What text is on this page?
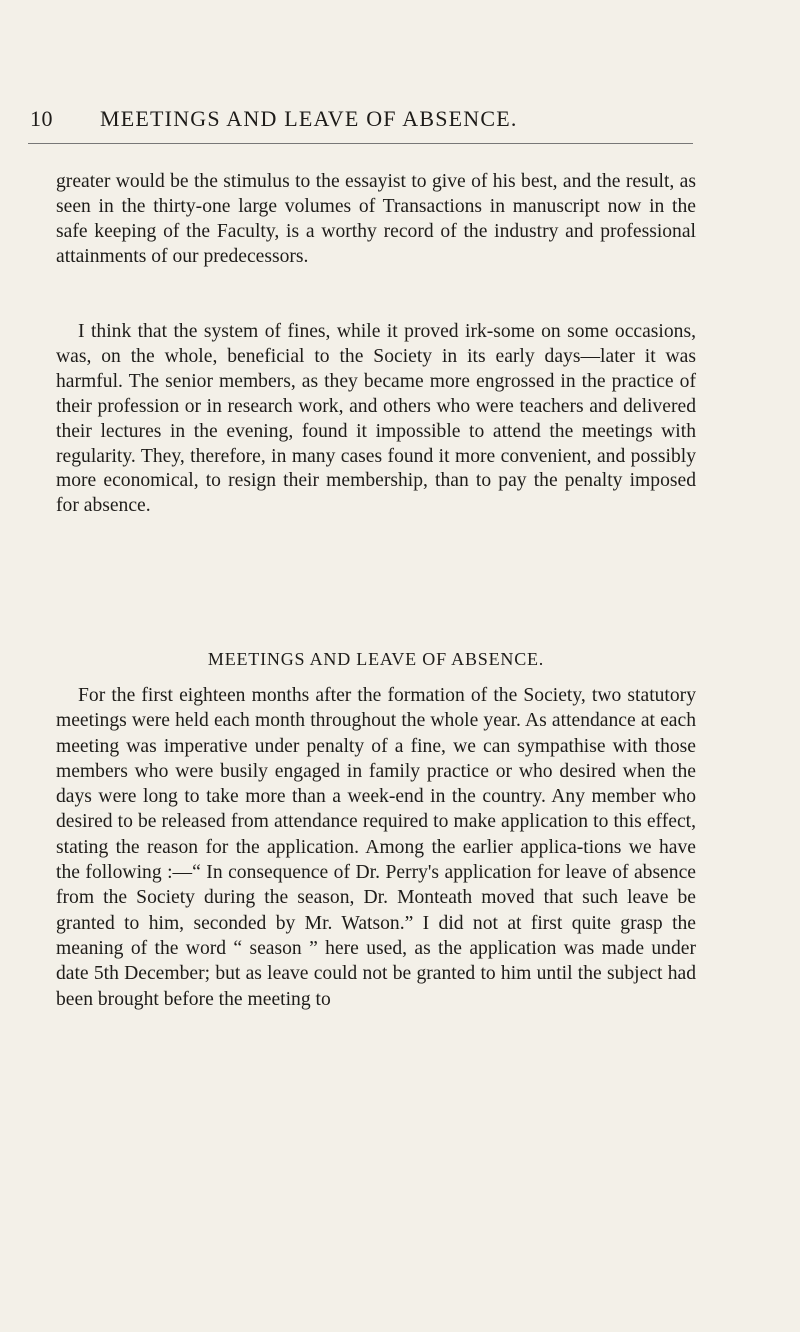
10 MEETINGS AND LEAVE OF ABSENCE.
greater would be the stimulus to the essayist to give of his best, and the result, as seen in the thirty-one large volumes of Transactions in manuscript now in the safe keeping of the Faculty, is a worthy record of the industry and professional attainments of our predecessors.
I think that the system of fines, while it proved irk-some on some occasions, was, on the whole, beneficial to the Society in its early days—later it was harmful. The senior members, as they became more engrossed in the practice of their profession or in research work, and others who were teachers and delivered their lectures in the evening, found it impossible to attend the meetings with regularity. They, therefore, in many cases found it more convenient, and possibly more economical, to resign their membership, than to pay the penalty imposed for absence.
MEETINGS AND LEAVE OF ABSENCE.
For the first eighteen months after the formation of the Society, two statutory meetings were held each month throughout the whole year. As attendance at each meeting was imperative under penalty of a fine, we can sympathise with those members who were busily engaged in family practice or who desired when the days were long to take more than a week-end in the country. Any member who desired to be released from attendance required to make application to this effect, stating the reason for the application. Among the earlier applica-tions we have the following :—“ In consequence of Dr. Perry's application for leave of absence from the Society during the season, Dr. Monteath moved that such leave be granted to him, seconded by Mr. Watson.” I did not at first quite grasp the meaning of the word “ season ” here used, as the application was made under date 5th December; but as leave could not be granted to him until the subject had been brought before the meeting to
